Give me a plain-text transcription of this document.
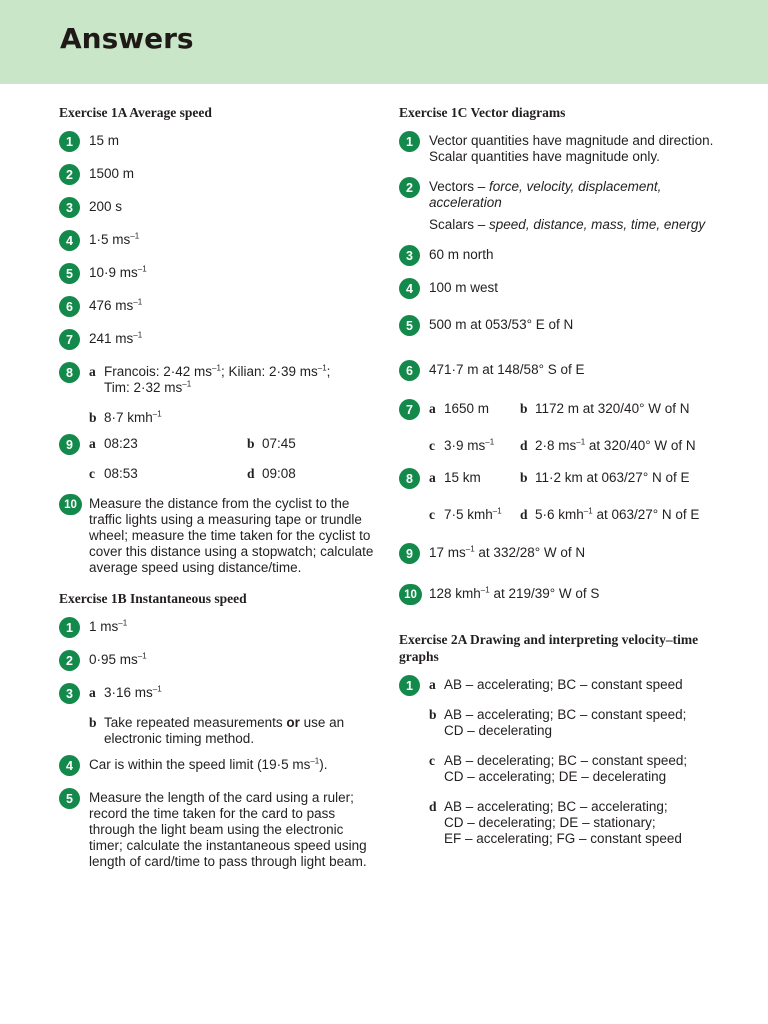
Answers
Exercise 1A Average speed
1	15 m
2	1500 m
3	200 s
4	1·5 $ms^{-1}$
5	10·9 $ms^{-1}$
6	476 $ms^{-1}$
7	241 $ms^{-1}$
8	a Francois: 2·42 $ms^{-1}$; Kilian: 2·39 $ms^{-1}$;
Tim: 2·32 $ms^{-1}$
b 8·7 kmh$^{-1}$
9	a 08:23	b 07:45
c 08:53	d 09:08
10 Measure the distance from the cyclist to the traffic lights using a measuring tape or trundle wheel; measure the time taken for the cyclist to cover this distance using a stopwatch; calculate average speed using distance/time.
Exercise 1B Instantaneous speed
1	1 $ms^{-1}$
2	0·95 $ms^{-1}$
3	a 3·16 $ms^{-1}$
b Take repeated measurements or use an electronic timing method.
4	Car is within the speed limit (19·5 $ms^{-1}$).
5	Measure the length of the card using a ruler; record the time taken for the card to pass through the light beam using the electronic timer; calculate the instantaneous speed using length of card/time to pass through light beam.
Exercise 1C Vector diagrams
1	Vector quantities have magnitude and direction. Scalar quantities have magnitude only.
2	Vectors – force, velocity, displacement, acceleration
Scalars – speed, distance, mass, time, energy
3	60 m north
4	100 m west
5	500 m at 053/53° E of N
6	471·7 m at 148/58° S of E
7	a 1650 m b 1172 m at 320/40° W of N
c 3·9 $ms^{-1}$ d 2·8 $ms^{-1}$ at 320/40° W of N
8	a 15 km	b 11·2 km at 063/27° N of E
c 7·5 kmh$^{-1}$ d 5·6 kmh$^{-1}$ at 063/27° N of E
9	17 $ms^{-1}$ at 332/28° W of N
10 128 kmh$^{-1}$ at 219/39° W of S
Exercise 2A Drawing and interpreting velocity–time graphs
1	a AB – accelerating; BC – constant speed
b AB – accelerating; BC – constant speed;
CD – decelerating
c AB – decelerating; BC – constant speed;
CD – accelerating; DE – decelerating
d AB – accelerating; BC – accelerating;
CD – decelerating; DE – stationary;
EF – accelerating; FG – constant speed
